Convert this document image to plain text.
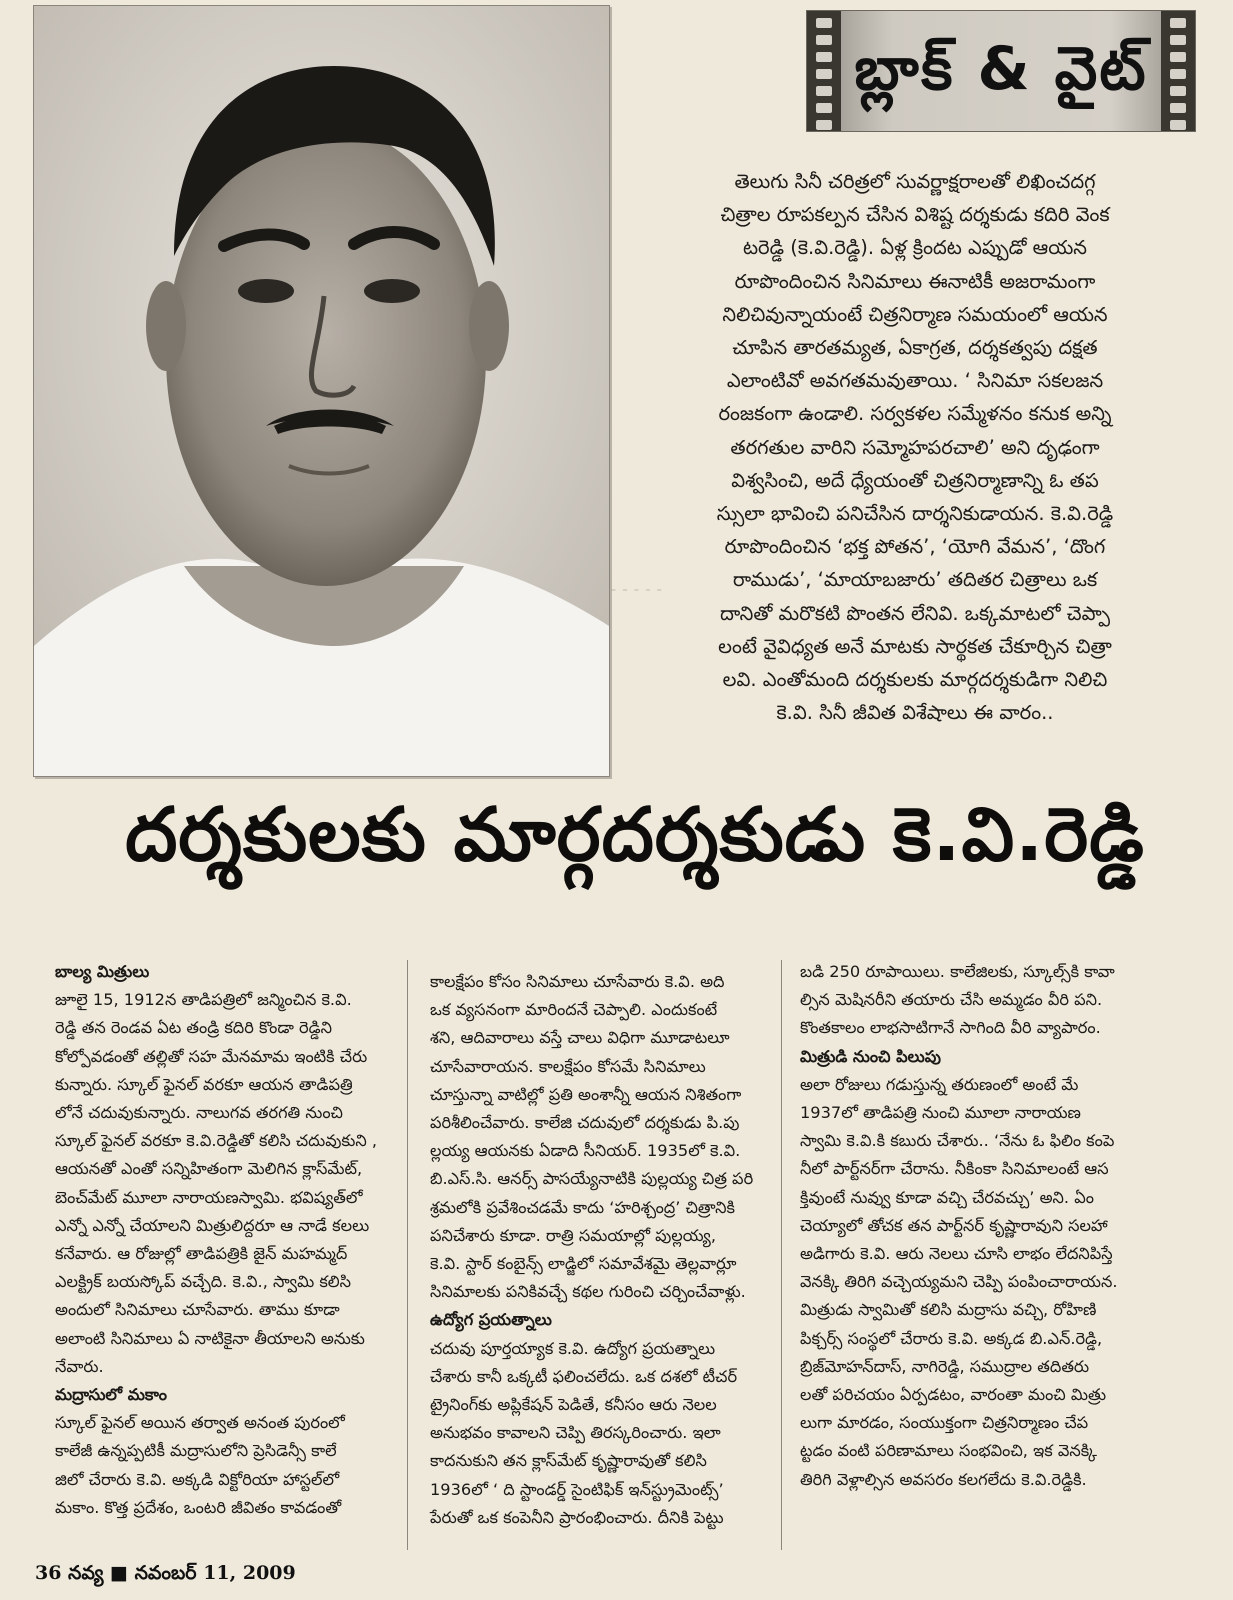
బ్లాక్ & వైట్
ˉ ˉ ˉ ˉ ˉ
తెలుగు సినీ చరిత్రలో సువర్ణాక్షరాలతో లిఖించదగ్గ
చిత్రాల రూపకల్పన చేసిన విశిష్ట దర్శకుడు కదిరి వెంక
టరెడ్డి (కె.వి.రెడ్డి). ఏళ్ల క్రిందట ఎప్పుడో ఆయన
రూపొందించిన సినిమాలు ఈనాటికీ అజరామంగా
నిలిచివున్నాయంటే చిత్రనిర్మాణ సమయంలో ఆయన
చూపిన తారతమ్యత, ఏకాగ్రత, దర్శకత్వపు దక్షత
ఎలాంటివో అవగతమవుతాయి. ‘ సినిమా సకలజన
రంజకంగా ఉండాలి. సర్వకళల సమ్మేళనం కనుక అన్ని
తరగతుల వారిని సమ్మోహపరచాలి’ అని దృఢంగా
విశ్వసించి, అదే ధ్యేయంతో చిత్రనిర్మాణాన్ని ఓ తప
స్సులా భావించి పనిచేసిన దార్శనికుడాయన. కె.వి.రెడ్డి
రూపొందించిన ‘భక్త పోతన’, ‘యోగి వేమన’, ‘దొంగ
రాముడు’, ‘మాయాబజారు’ తదితర చిత్రాలు ఒక
దానితో మరొకటి పొంతన లేనివి. ఒక్కమాటలో చెప్పా
లంటే వైవిధ్యత అనే మాటకు సార్థకత చేకూర్చిన చిత్రా
లవి. ఎంతోమంది దర్శకులకు మార్గదర్శకుడిగా నిలిచి
కె.వి. సినీ జీవిత విశేషాలు ఈ వారం..
దర్శకులకు మార్గదర్శకుడు కె.వి.రెడ్డి
బాల్య మిత్రులు
జూలై 15, 1912న తాడిపత్రిలో జన్మించిన కె.వి.
రెడ్డి తన రెండవ ఏట తండ్రి కదిరి కొండా రెడ్డిని
కోల్పోవడంతో తల్లితో సహ మేనమామ ఇంటికి చేరు
కున్నారు. స్కూల్ ఫైనల్ వరకూ ఆయన తాడిపత్రి
లోనే చదువుకున్నారు. నాలుగవ తరగతి నుంచి
స్కూల్ ఫైనల్ వరకూ కె.వి.రెడ్డితో కలిసి చదువుకుని ,
ఆయనతో ఎంతో సన్నిహితంగా మెలిగిన క్లాస్‌మేట్,
బెంచ్‌మేట్ మూలా నారాయణస్వామి. భవిష్యత్‌లో
ఎన్నో ఎన్నో చేయాలని మిత్రులిద్దరూ ఆ నాడే కలలు
కనేవారు. ఆ రోజుల్లో తాడిపత్రికి జైన్ మహమ్మద్
ఎలక్ట్రిక్ బయస్కోప్ వచ్చేది. కె.వి., స్వామి కలిసి
అందులో సినిమాలు చూసేవారు. తాము కూడా
అలాంటి సినిమాలు ఏ నాటికైనా తీయాలని అనుకు
నేవారు.
మద్రాసులో మకాం
స్కూల్ ఫైనల్ అయిన తర్వాత అనంత పురంలో
కాలేజీ ఉన్నప్పటికీ మద్రాసులోని ప్రెసిడెన్సీ కాలే
జిలో చేరారు కె.వి. అక్కడి విక్టోరియా హాస్టల్‌లో
మకాం. కొత్త ప్రదేశం, ఒంటరి జీవితం కావడంతో
కాలక్షేపం కోసం సినిమాలు చూసేవారు కె.వి. అది
ఒక వ్యసనంగా మారిందనే చెప్పాలి. ఎందుకంటే
శని, ఆదివారాలు వస్తే చాలు విధిగా మూడాటలూ
చూసేవారాయన. కాలక్షేపం కోసమే సినిమాలు
చూస్తున్నా వాటిల్లో ప్రతి అంశాన్నీ ఆయన నిశితంగా
పరిశీలించేవారు. కాలేజి చదువులో దర్శకుడు పి.పు
ల్లయ్య ఆయనకు ఏడాది సీనియర్. 1935లో కె.వి.
బి.ఎస్.సి. ఆనర్స్ పాసయ్యేనాటికి పుల్లయ్య చిత్ర పరి
శ్రమలోకి ప్రవేశించడమే కాదు ‘హరిశ్చంద్ర’ చిత్రానికి
పనిచేశారు కూడా. రాత్రి సమయాల్లో పుల్లయ్య,
కె.వి. స్టార్ కంబైన్స్ లాడ్జిలో సమావేశమై తెల్లవార్లూ
సినిమాలకు పనికివచ్చే కథల గురించి చర్చించేవాళ్లు.
ఉద్యోగ ప్రయత్నాలు
చదువు పూర్తయ్యాక కె.వి. ఉద్యోగ ప్రయత్నాలు
చేశారు కానీ ఒక్కటీ ఫలించలేదు. ఒక దశలో టీచర్
ట్రైనింగ్‌కు అప్లికేషన్ పెడితే, కనీసం ఆరు నెలల
అనుభవం కావాలని చెప్పి తిరస్కరించారు. ఇలా
కాదనుకుని తన క్లాస్‌మేట్ కృష్ణారావుతో కలిసి
1936లో ‘ ది స్టాండర్డ్ సైంటిఫిక్ ఇన్‌స్ట్రుమెంట్స్’
పేరుతో ఒక కంపెనీని ప్రారంభించారు. దీనికి పెట్టు
బడి 250 రూపాయిలు. కాలేజిలకు, స్కూల్స్‌కి కావా
ల్సిన మెషినరీని తయారు చేసి అమ్మడం వీరి పని.
కొంతకాలం లాభసాటిగానే సాగింది వీరి వ్యాపారం.
మిత్రుడి నుంచి పిలుపు
అలా రోజులు గడుస్తున్న తరుణంలో అంటే మే
1937లో తాడిపత్రి నుంచి మూలా నారాయణ
స్వామి కె.వి.కి కబురు చేశారు.. ‘నేను ఓ ఫిలిం కంపె
నీలో పార్ట్‌నర్‌గా చేరాను. నీకింకా సినిమాలంటే ఆస
క్తివుంటే నువ్వు కూడా వచ్చి చేరవచ్చు’ అని. ఏం
చెయ్యాలో తోచక తన పార్ట్‌నర్ కృష్ణారావుని సలహా
అడిగారు కె.వి. ఆరు నెలలు చూసి లాభం లేదనిపిస్తే
వెనక్కి తిరిగి వచ్చెయ్యమని చెప్పి పంపించారాయన.
మిత్రుడు స్వామితో కలిసి మద్రాసు వచ్చి, రోహిణి
పిక్చర్స్ సంస్థలో చేరారు కె.వి. అక్కడ బి.ఎన్.రెడ్డి,
బ్రిజ్‌మోహన్‌దాస్, నాగిరెడ్డి, సముద్రాల తదితరు
లతో పరిచయం ఏర్పడటం, వారంతా మంచి మిత్రు
లుగా మారడం, సంయుక్తంగా చిత్రనిర్మాణం చేప
ట్టడం వంటి పరిణామాలు సంభవించి, ఇక వెనక్కి
తిరిగి వెళ్లాల్సిన అవసరం కలగలేదు కె.వి.రెడ్డికి.
36 నవ్య ■ నవంబర్ 11, 2009
